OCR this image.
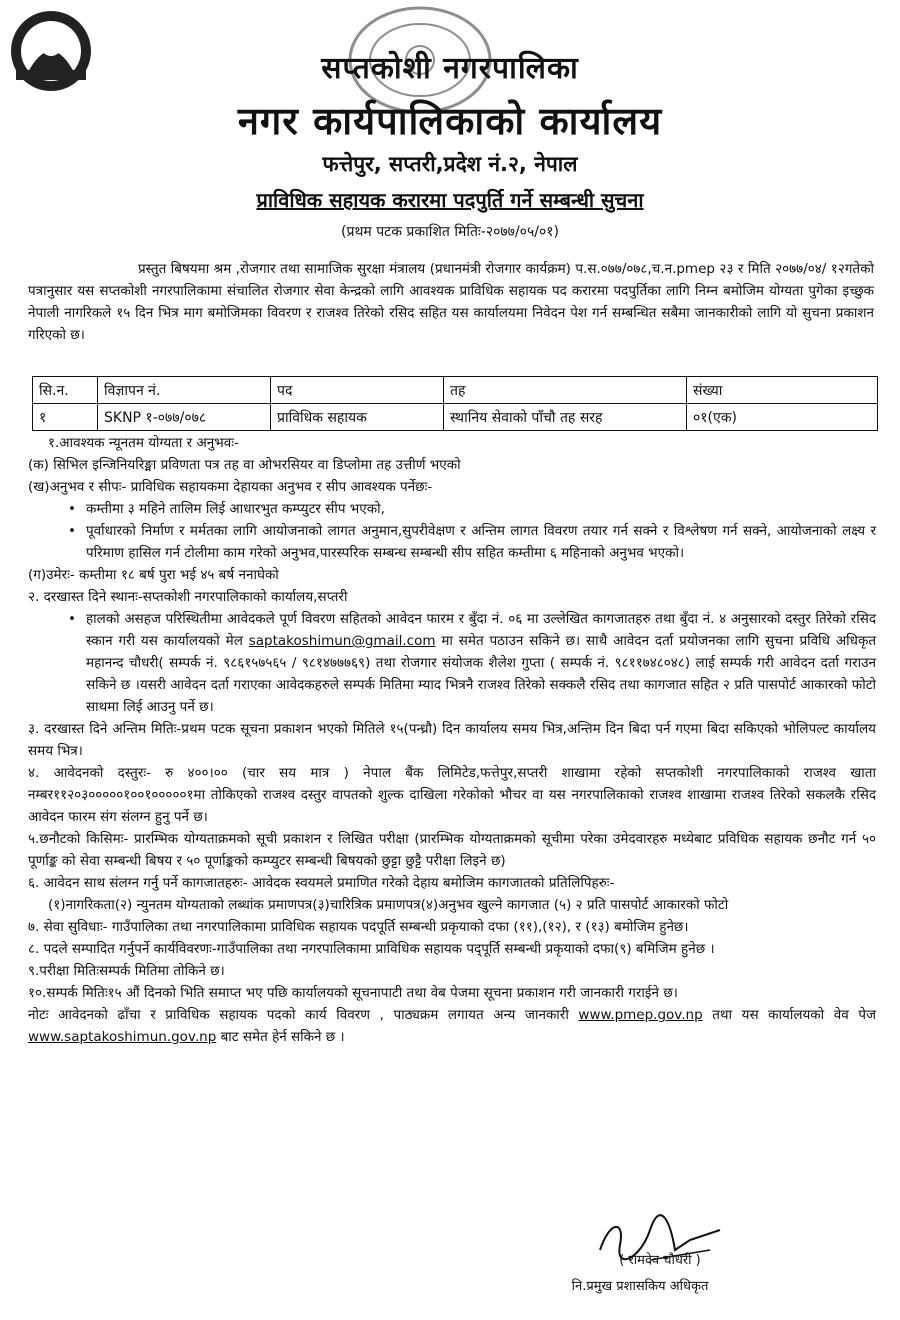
सप्तकोशी नगरपालिका
नगर कार्यपालिकाको कार्यालय
फत्तेपुर, सप्तरी,प्रदेश नं.२, नेपाल
प्राविधिक सहायक करारमा पदपुर्ति गर्ने सम्बन्धी सुचना
(प्रथम पटक प्रकाशित मितिः-२०७७/०५/०१)
प्रस्तुत बिषयमा श्रम ,रोजगार तथा सामाजिक सुरक्षा मंत्रालय (प्रधानमंत्री रोजगार कार्यक्रम) प.स.०७७/०७८,च.न.pmep २३ र मिति २०७७/०४/ १२गतेको पत्रानुसार यस सप्तकोशी नगरपालिकामा संचालित रोजगार सेवा केन्द्रको लागि आवश्यक प्राविधिक सहायक पद करारमा पदपुर्तिका लागि निम्न बमोजिम योग्यता पुगेका इच्छुक नेपाली नागरिकले १५ दिन भित्र माग बमोजिमका विवरण र राजश्व तिरेको रसिद सहित यस कार्यालयमा निवेदन पेश गर्न सम्बन्धित सबैमा जानकारीको लागि यो सुचना प्रकाशन गरिएको छ।
सि.न.	विज्ञापन नं.	पद	तह	संख्या
१	SKNP १-०७७/०७८	प्राविधिक सहायक	स्थानिय सेवाको पाँचौ तह सरह	०१(एक)

१.आवश्यक न्यूनतम योग्यता र अनुभवः-

(क) सिभिल इन्जिनियरिङ्मा प्रविणता पत्र तह वा ओभरसियर वा डिप्लोमा तह उत्तीर्ण भएको

(ख)अनुभव र सीपः- प्राविधिक सहायकमा देहायका अनुभव र सीप आवश्यक पर्नेछः-

• कम्तीमा ३ महिने तालिम लिई आधारभुत कम्प्युटर सीप भएको,

• पूर्वाधारको निर्माण र मर्मतका लागि आयोजनाको लागत अनुमान,सुपरीवेक्षण र अन्तिम लागत विवरण तयार गर्न सक्ने र विश्लेषण गर्न सक्ने, आयोजनाको लक्ष्य र परिमाण हासिल गर्न टोलीमा काम गरेको अनुभव,पारस्परिक सम्बन्ध सम्बन्धी सीप सहित कम्तीमा ६ महिनाको अनुभव भएको।

(ग)उमेरः- कम्तीमा १८ बर्ष पुरा भई ४५ बर्ष ननाघेको

२. दरखास्त दिने स्थानः-सप्तकोशी नगरपालिकाको कार्यालय,सप्तरी

• हालको असहज परिस्थितीमा आवेदकले पूर्ण विवरण सहितको आवेदन फारम र बुँदा नं. ०६ मा उल्लेखित कागजातहरु तथा बुँदा नं. ४ अनुसारको दस्तुर तिरेको रसिद स्कान गरी यस कार्यालयको मेल saptakoshimun@gmail.com मा समेत पठाउन सकिने छ। साथै आवेदन दर्ता प्रयोजनका लागि सुचना प्रविधि अधिकृत महानन्द चौधरी( सम्पर्क नं. ९८६१५७५६५ / ९८१४७७७६९) तथा रोजगार संयोजक शैलेश गुप्ता ( सम्पर्क नं. ९८११७४८०४८) लाई सम्पर्क गरी आवेदन दर्ता गराउन सकिने छ ।यसरी आवेदन दर्ता गराएका आवेदकहरुले सम्पर्क मितिमा म्याद भित्रनै राजश्व तिरेको सक्कलै रसिद तथा कागजात सहित २ प्रति पासपोर्ट आकारको फोटो साथमा लिई आउनु पर्ने छ।

३. दरखास्त दिने अन्तिम मितिः-प्रथम पटक सूचना प्रकाशन भएको मितिले १५(पन्ध्रौ) दिन कार्यालय समय भित्र,अन्तिम दिन बिदा पर्न गएमा बिदा सकिएको भोलिपल्ट कार्यालय समय भित्र।

४. आवेदनको दस्तुरः- रु ४००।०० (चार सय मात्र ) नेपाल बैंक लिमिटेड,फत्तेपुर,सप्तरी शाखामा रहेको सप्तकोशी नगरपालिकाको राजश्व खाता नम्बर११२०३०००००१००१०००००१मा तोकिएको राजश्व दस्तुर वापतको शुल्क दाखिला गरेकोको भौचर वा यस नगरपालिकाको राजश्व शाखामा राजश्व तिरेको सकलकै रसिद आवेदन फारम संग संलग्न हुनु पर्ने छ।

५.छनौटको किसिमः- प्रारम्भिक योग्यताक्रमको सूची प्रकाशन र लिखित परीक्षा (प्रारम्भिक योग्यताक्रमको सूचीमा परेका उमेदवारहरु मध्येबाट प्रविधिक सहायक छनौट गर्न ५० पूर्णाङ्क को सेवा सम्बन्धी बिषय र ५० पूर्णाङ्कको कम्प्युटर सम्बन्धी बिषयको छुट्टा छुट्टै परीक्षा लिइने छ)

६. आवेदन साथ संलग्न गर्नु पर्ने कागजातहरुः- आवेदक स्वयमले प्रमाणित गरेको देहाय बमोजिम कागजातको प्रतिलिपिहरुः-

(१)नागरिकता(२) न्युनतम योग्यताको लब्धांक प्रमाणपत्र(३)चारित्रिक प्रमाणपत्र(४)अनुभव खुल्ने कागजात (५) २ प्रति पासपोर्ट आकारको फोटो

७. सेवा सुविधाः- गाउँपालिका तथा नगरपालिकामा प्राविधिक सहायक पदपूर्ति सम्बन्धी प्रकृयाको दफा (११),(१२), र (१३) बमोजिम हुनेछ।

८. पदले सम्पादित गर्नुपर्ने कार्यविवरणः-गाउँपालिका तथा नगरपालिकामा प्राविधिक सहायक पद्पूर्ति सम्बन्धी प्रकृयाको दफा(९) बमिजिम हुनेछ ।

९.परीक्षा मितिःसम्पर्क मितिमा तोकिने छ।

१०.सम्पर्क मितिः१५ औं दिनको भिति समाप्त भए पछि कार्यालयको सूचनापाटी तथा वेब पेजमा सूचना प्रकाशन गरी जानकारी गराईने छ।

नोटः आवेदनको ढाँचा र प्राविधिक सहायक पदको कार्य विवरण , पाठ्यक्रम लगायत अन्य जानकारी www.pmep.gov.np तथा यस कार्यालयको वेव पेज www.saptakoshimun.gov.np बाट समेत हेर्न सकिने छ ।

( रामदेव चौधरी )
नि.प्रमुख प्रशासकिय अधिकृत
